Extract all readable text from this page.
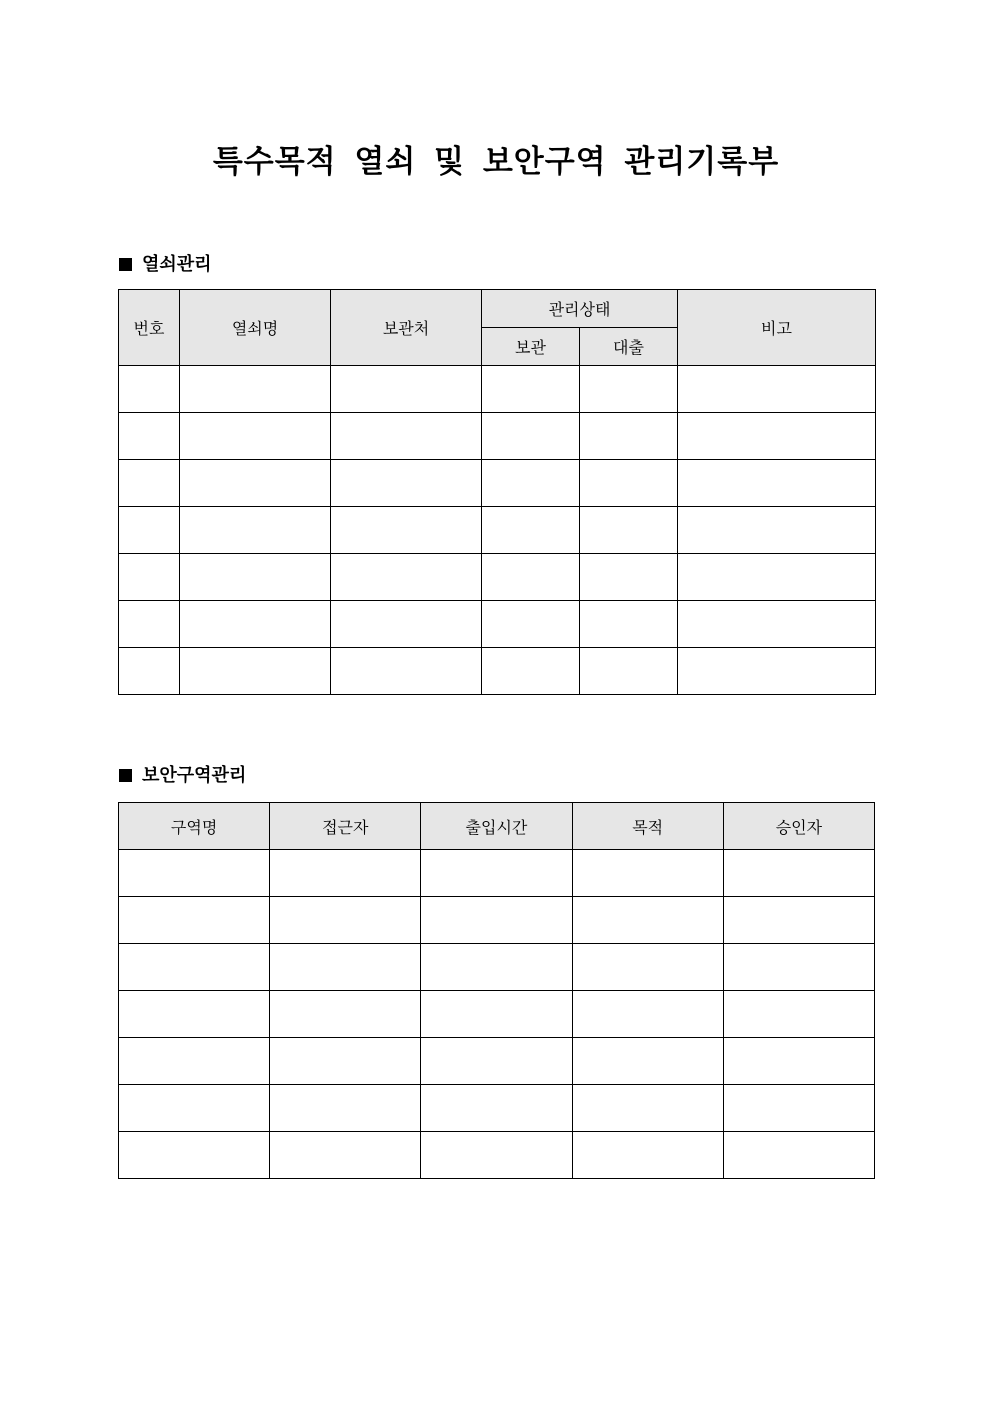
특수목적 열쇠 및 보안구역 관리기록부
열쇠관리
번호	열쇠명	보관처	관리상태		비고
			보관	대출	

보안구역관리
구역명	접근자	출입시간	목적	승인자
